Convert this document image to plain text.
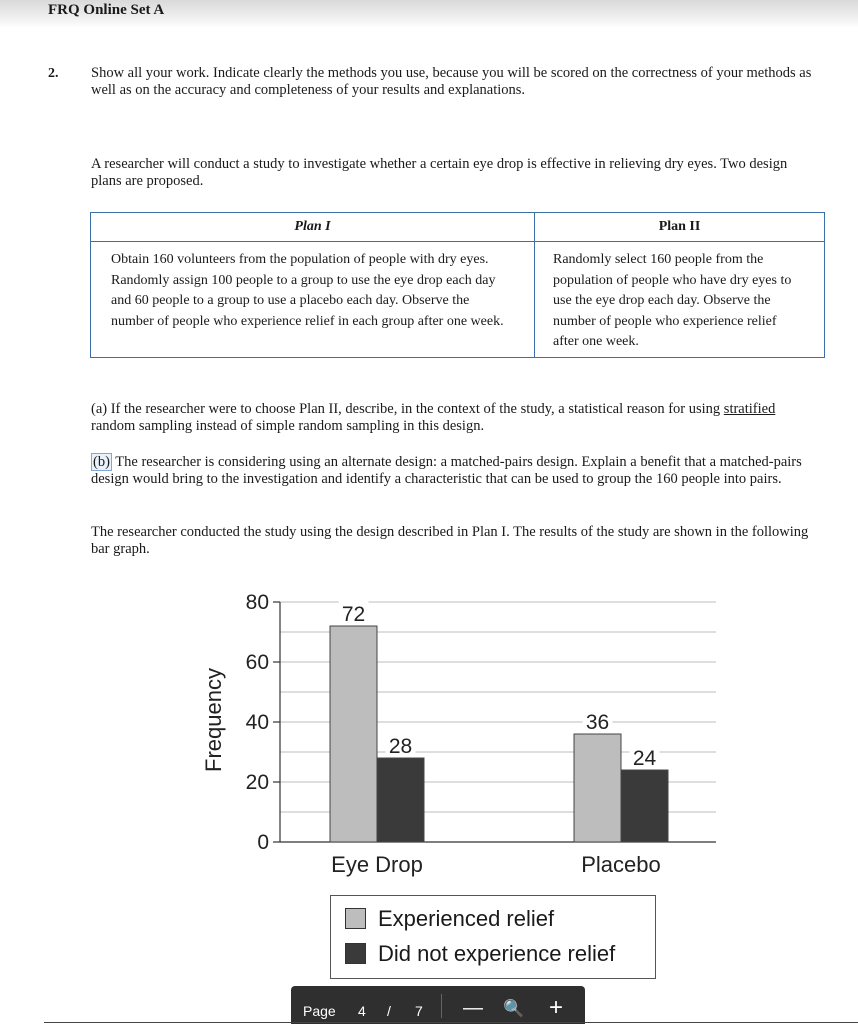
FRQ Online Set A
2. Show all your work. Indicate clearly the methods you use, because you will be scored on the correctness of your methods as well as on the accuracy and completeness of your results and explanations.
A researcher will conduct a study to investigate whether a certain eye drop is effective in relieving dry eyes. Two design plans are proposed.
Plan I	Plan II
Obtain 160 volunteers from the population of people with dry eyes. Randomly assign 100 people to a group to use the eye drop each day and 60 people to a group to use a placebo each day. Observe the number of people who experience relief in each group after one week.	Randomly select 160 people from the population of people who have dry eyes to use the eye drop each day. Observe the number of people who experience relief after one week.
(a) If the researcher were to choose Plan II, describe, in the context of the study, a statistical reason for using stratified random sampling instead of simple random sampling in this design.
(b) The researcher is considering using an alternate design: a matched-pairs design. Explain a benefit that a matched-pairs design would bring to the investigation and identify a characteristic that can be used to group the 160 people into pairs.
The researcher conducted the study using the design described in Plan I. The results of the study are shown in the following bar graph.
0
20
40
60
80
Frequency
72
28
Eye Drop
36
24
Placebo
Experienced relief
Did not experience relief
Page 4 / 7 — 🔍 +
